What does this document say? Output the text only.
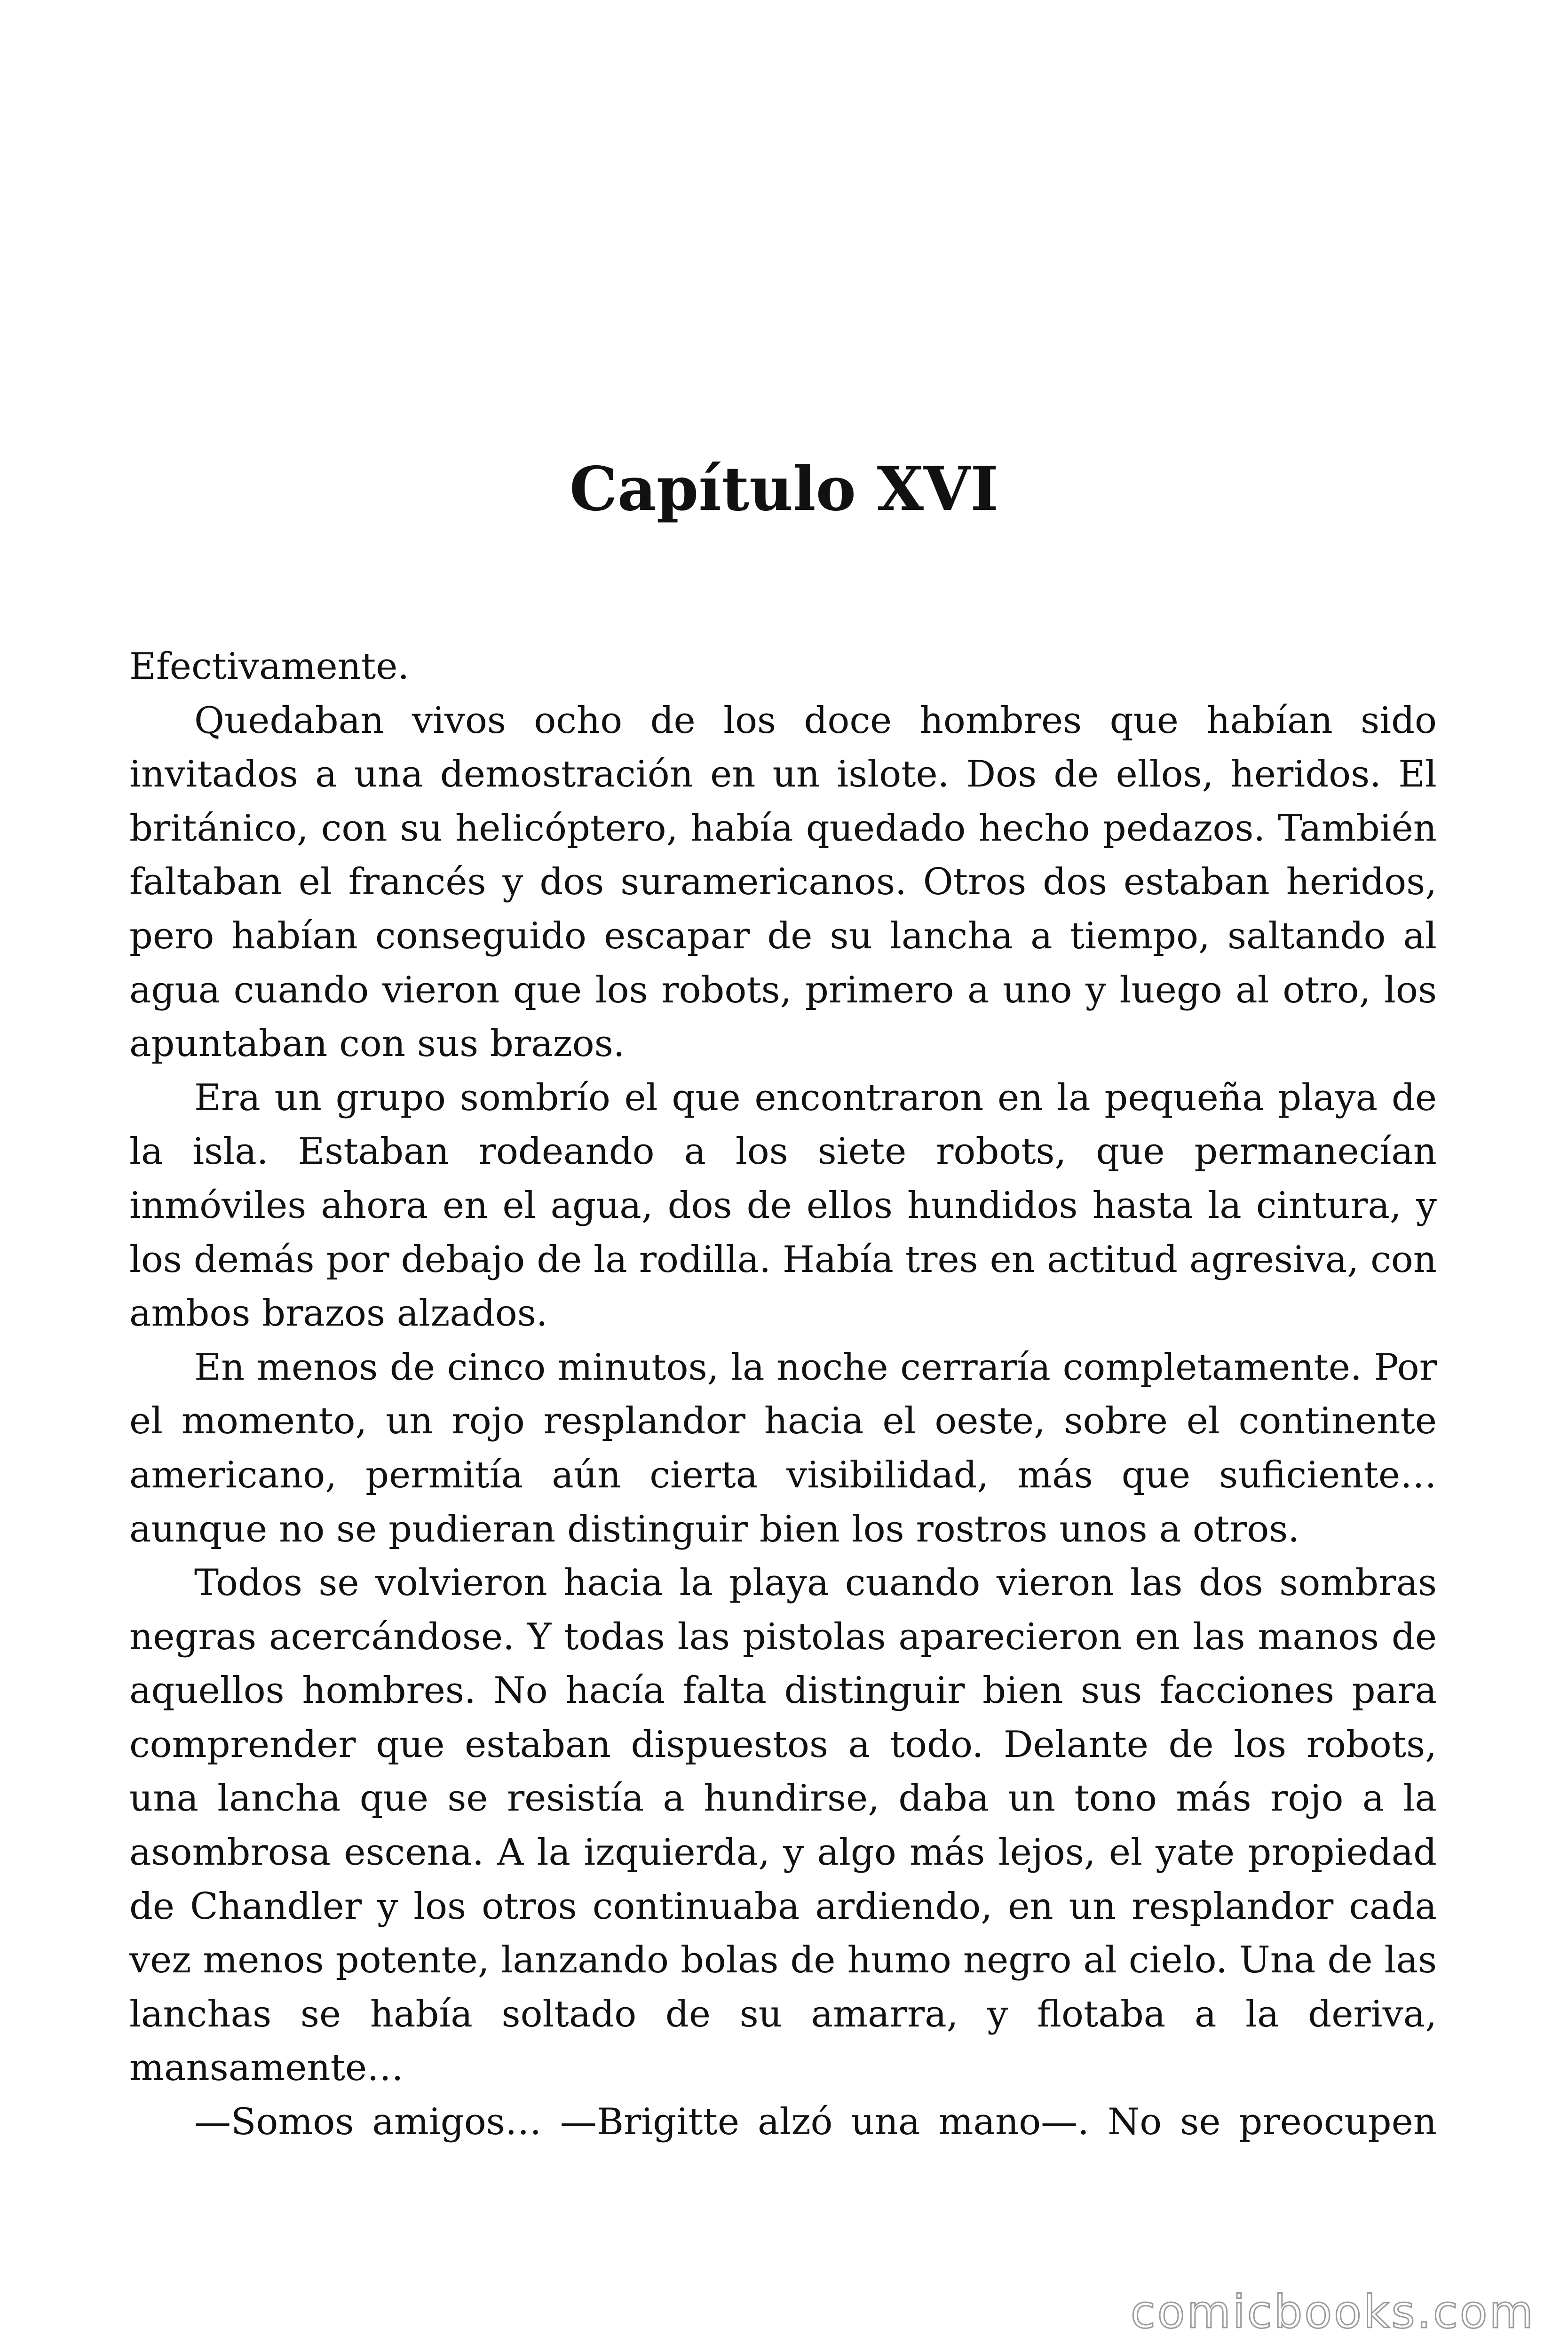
Capítulo XVI

Efectivamente.

Quedaban vivos ocho de los doce hombres que habían sido invitados a una demostración en un islote. Dos de ellos, heridos. El británico, con su helicóptero, había quedado hecho pedazos. También faltaban el francés y dos suramericanos. Otros dos estaban heridos, pero habían conseguido escapar de su lancha a tiempo, saltando al agua cuando vieron que los robots, primero a uno y luego al otro, los apuntaban con sus brazos.

Era un grupo sombrío el que encontraron en la pequeña playa de la isla. Estaban rodeando a los siete robots, que permanecían inmóviles ahora en el agua, dos de ellos hundidos hasta la cintura, y los demás por debajo de la rodilla. Había tres en actitud agresiva, con ambos brazos alzados.

En menos de cinco minutos, la noche cerraría completamente. Por el momento, un rojo resplandor hacia el oeste, sobre el continente americano, permitía aún cierta visibilidad, más que suficiente… aunque no se pudieran distinguir bien los rostros unos a otros.

Todos se volvieron hacia la playa cuando vieron las dos sombras negras acercándose. Y todas las pistolas aparecieron en las manos de aquellos hombres. No hacía falta distinguir bien sus facciones para comprender que estaban dispuestos a todo. Delante de los robots, una lancha que se resistía a hundirse, daba un tono más rojo a la asombrosa escena. A la izquierda, y algo más lejos, el yate propiedad de Chandler y los otros continuaba ardiendo, en un resplandor cada vez menos potente, lanzando bolas de humo negro al cielo. Una de las lanchas se había soltado de su amarra, y flotaba a la deriva, mansamente…

—Somos amigos… —Brigitte alzó una mano—. No se preocupen

comicbooks.com
